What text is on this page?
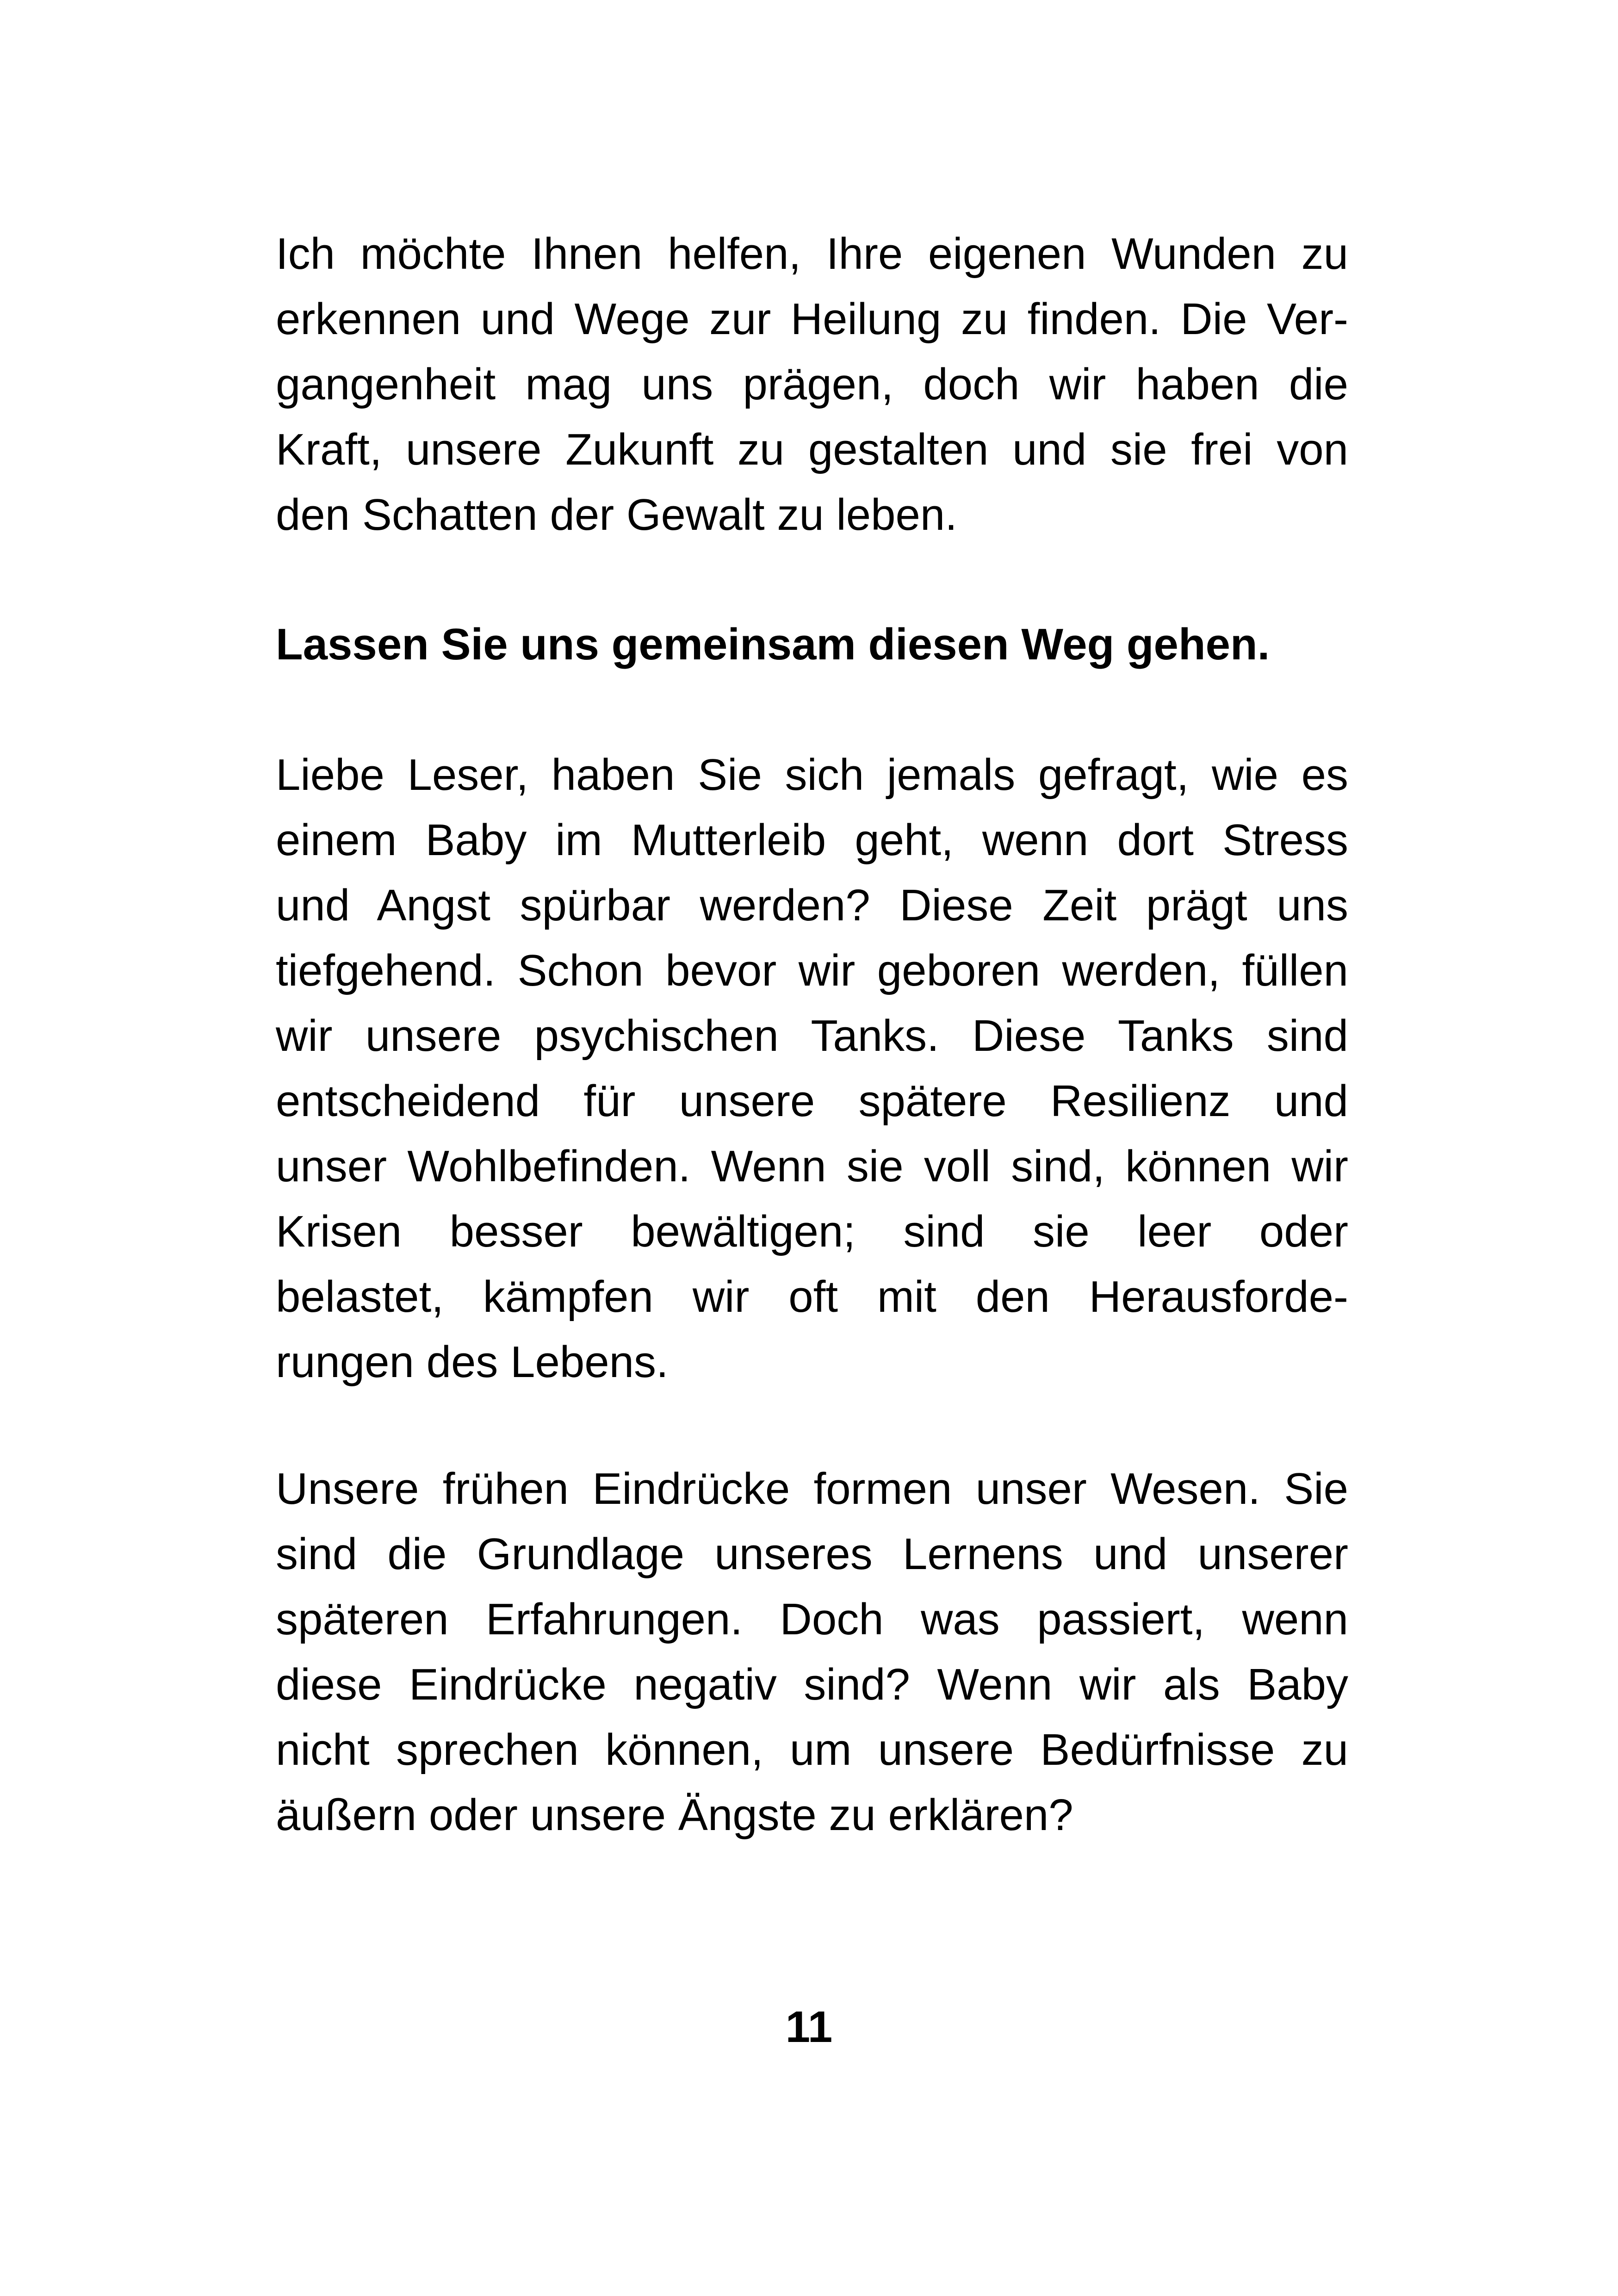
Ich möchte Ihnen helfen, Ihre eigenen Wunden zu
erkennen und Wege zur Heilung zu finden. Die Ver-
gangenheit mag uns prägen, doch wir haben die
Kraft, unsere Zukunft zu gestalten und sie frei von
den Schatten der Gewalt zu leben.
Lassen Sie uns gemeinsam diesen Weg gehen.
Liebe Leser, haben Sie sich jemals gefragt, wie es
einem Baby im Mutterleib geht, wenn dort Stress
und Angst spürbar werden? Diese Zeit prägt uns
tiefgehend. Schon bevor wir geboren werden, füllen
wir unsere psychischen Tanks. Diese Tanks sind
entscheidend für unsere spätere Resilienz und
unser Wohlbefinden. Wenn sie voll sind, können wir
Krisen besser bewältigen; sind sie leer oder
belastet, kämpfen wir oft mit den Herausforde-
rungen des Lebens.
Unsere frühen Eindrücke formen unser Wesen. Sie
sind die Grundlage unseres Lernens und unserer
späteren Erfahrungen. Doch was passiert, wenn
diese Eindrücke negativ sind? Wenn wir als Baby
nicht sprechen können, um unsere Bedürfnisse zu
äußern oder unsere Ängste zu erklären?
11
